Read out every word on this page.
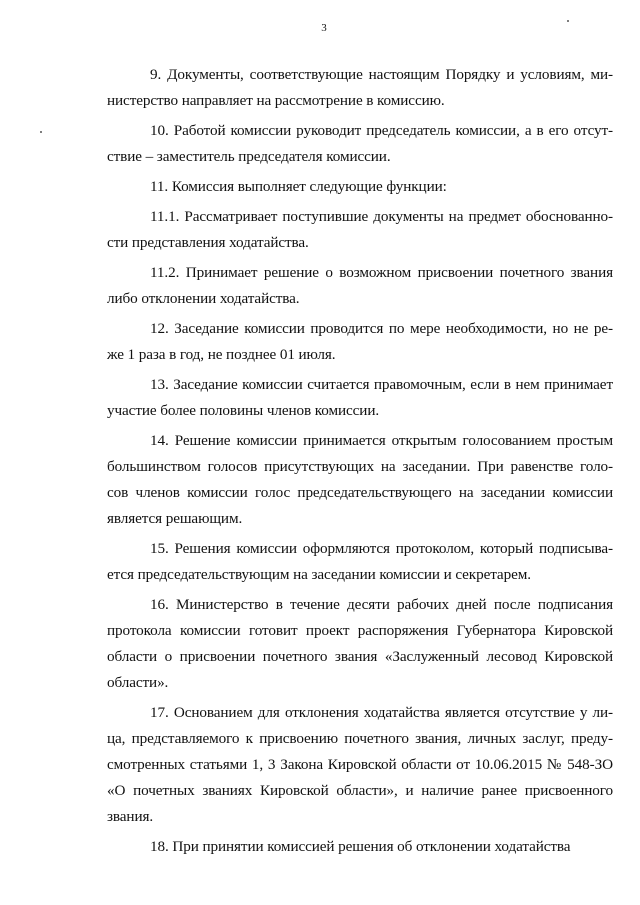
3

9. Документы, соответствующие настоящим Порядку и условиям, ми- нистерство направляет на рассмотрение в комиссию.

10. Работой комиссии руководит председатель комиссии, а в его отсут- ствие – заместитель председателя комиссии.

11. Комиссия выполняет следующие функции:

11.1. Рассматривает поступившие документы на предмет обоснованно- сти представления ходатайства.

11.2. Принимает решение о возможном присвоении почетного звания либо отклонении ходатайства.

12. Заседание комиссии проводится по мере необходимости, но не ре- же 1 раза в год, не позднее 01 июля.

13. Заседание комиссии считается правомочным, если в нем принимает участие более половины членов комиссии.

14. Решение комиссии принимается открытым голосованием простым большинством голосов присутствующих на заседании. При равенстве голо- сов членов комиссии голос председательствующего на заседании комиссии является решающим.

15. Решения комиссии оформляются протоколом, который подписыва- ется председательствующим на заседании комиссии и секретарем.

16. Министерство в течение десяти рабочих дней после подписания протокола комиссии готовит проект распоряжения Губернатора Кировской области о присвоении почетного звания «Заслуженный лесовод Кировской области».

17. Основанием для отклонения ходатайства является отсутствие у ли- ца, представляемого к присвоению почетного звания, личных заслуг, преду- смотренных статьями 1, 3 Закона Кировской области от 10.06.2015 № 548-ЗО «О почетных званиях Кировской области», и наличие ранее присвоенного звания.

18. При принятии комиссией решения об отклонении ходатайства
